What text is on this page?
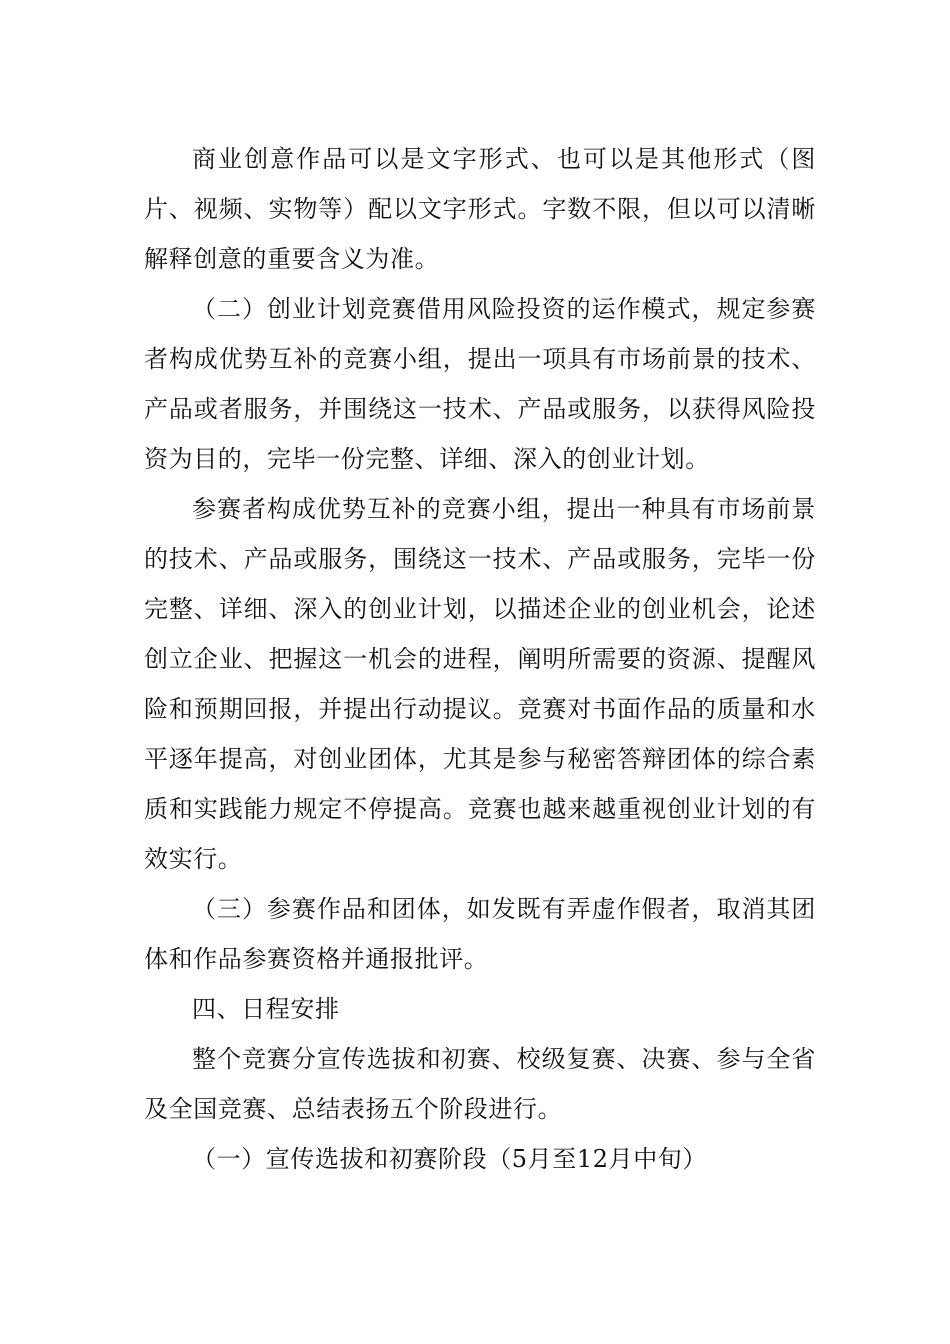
商业创意作品可以是文字形式、也可以是其他形式（图片、视频、实物等）配以文字形式。字数不限，但以可以清晰解释创意的重要含义为准。

（二）创业计划竞赛借用风险投资的运作模式，规定参赛者构成优势互补的竞赛小组，提出一项具有市场前景的技术、产品或者服务，并围绕这一技术、产品或服务，以获得风险投资为目的，完毕一份完整、详细、深入的创业计划。

参赛者构成优势互补的竞赛小组，提出一种具有市场前景的技术、产品或服务，围绕这一技术、产品或服务，完毕一份完整、详细、深入的创业计划，以描述企业的创业机会，论述创立企业、把握这一机会的进程，阐明所需要的资源、提醒风险和预期回报，并提出行动提议。竞赛对书面作品的质量和水平逐年提高，对创业团体，尤其是参与秘密答辩团体的综合素质和实践能力规定不停提高。竞赛也越来越重视创业计划的有效实行。

（三）参赛作品和团体，如发既有弄虚作假者，取消其团体和作品参赛资格并通报批评。

四、日程安排

整个竞赛分宣传选拔和初赛、校级复赛、决赛、参与全省及全国竞赛、总结表扬五个阶段进行。

（一）宣传选拔和初赛阶段（5月至12月中旬）
